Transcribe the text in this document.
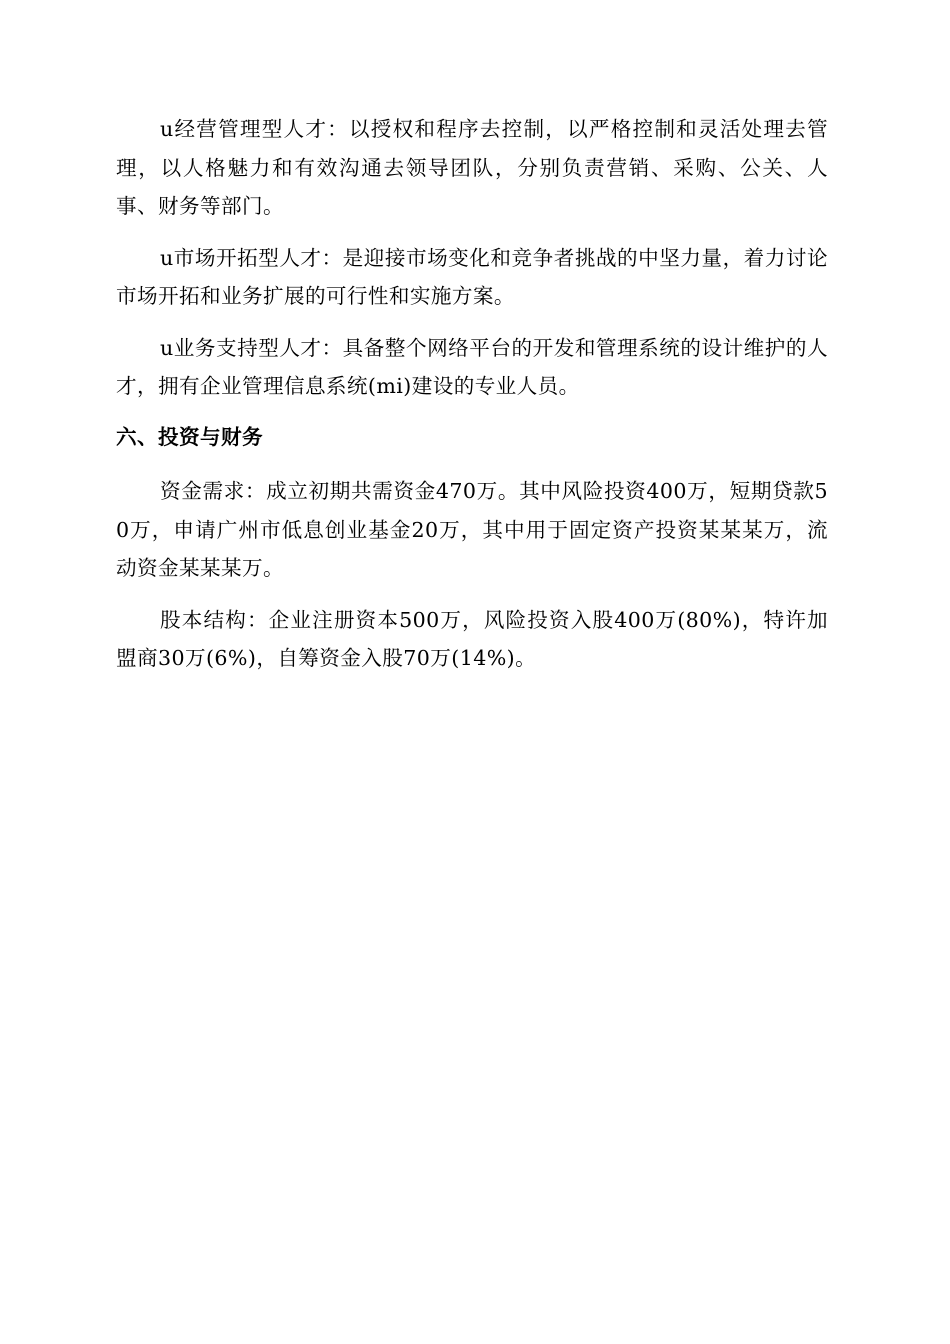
u经营管理型人才：以授权和程序去控制，以严格控制和灵活处理去管理，以人格魅力和有效沟通去领导团队，分别负责营销、采购、公关、人事、财务等部门。

u市场开拓型人才：是迎接市场变化和竞争者挑战的中坚力量，着力讨论市场开拓和业务扩展的可行性和实施方案。

u业务支持型人才：具备整个网络平台的开发和管理系统的设计维护的人才，拥有企业管理信息系统(mi)建设的专业人员。

六、投资与财务

资金需求：成立初期共需资金470万。其中风险投资400万，短期贷款50万，申请广州市低息创业基金20万，其中用于固定资产投资某某某万，流动资金某某某万。

股本结构：企业注册资本500万，风险投资入股400万(80%)，特许加盟商30万(6%)，自筹资金入股70万(14%)。
